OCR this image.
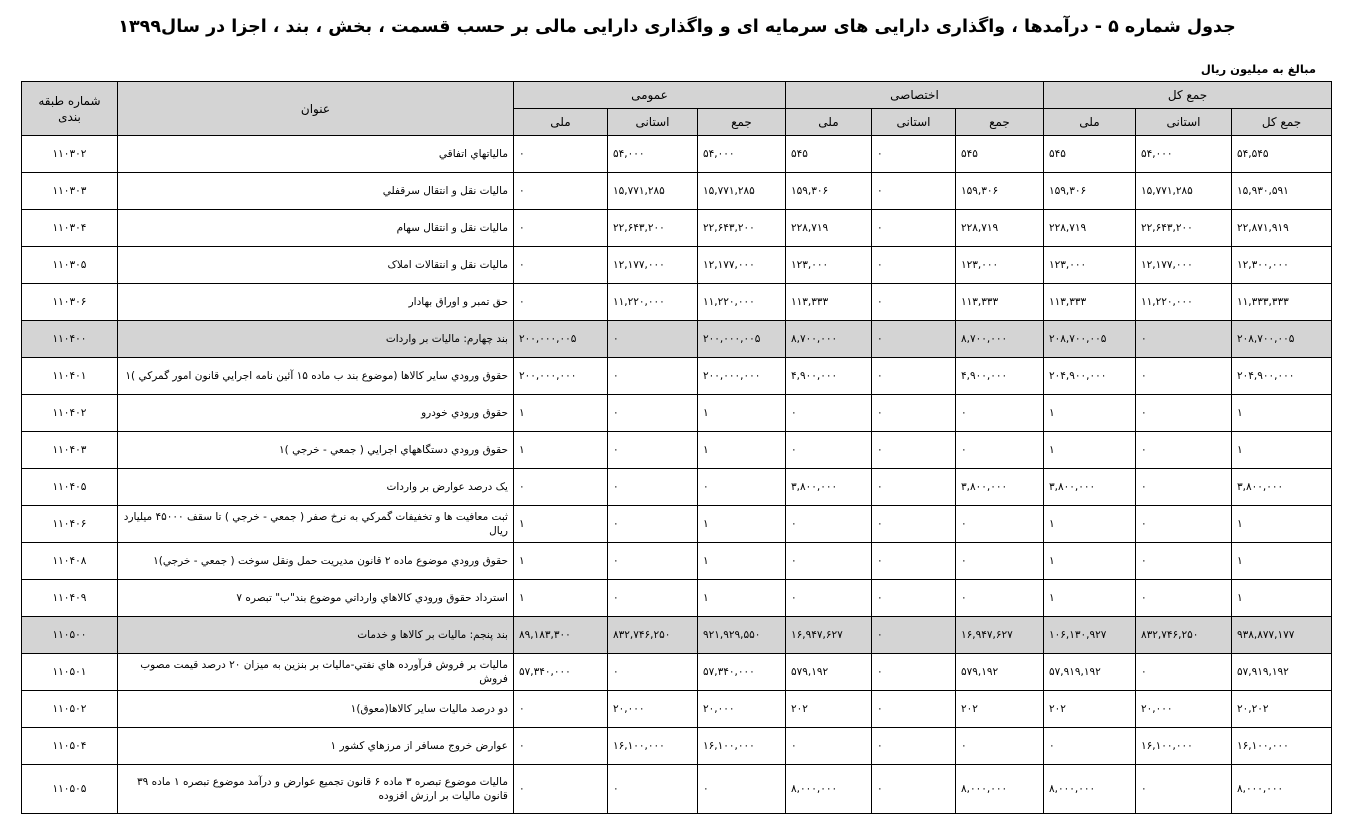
جدول شماره ۵ - درآمدها ، واگذاری دارایی های سرمایه ای و واگذاری دارایی مالی بر حسب قسمت ، بخش ، بند ، اجزا در سال۱۳۹۹
مبالغ به میلیون ریال
جمع کل			اختصاصی			عمومی			عنوان	شماره طبقه بندی
جمع کل	استانی	ملی	جمع	استانی	ملی	جمع	استانی	ملی		
۵۴,۵۴۵	۵۴,۰۰۰	۵۴۵	۵۴۵	۰	۵۴۵	۵۴,۰۰۰	۵۴,۰۰۰	۰	مالياتهاي اتفاقي	۱۱۰۳۰۲
۱۵,۹۳۰,۵۹۱	۱۵,۷۷۱,۲۸۵	۱۵۹,۳۰۶	۱۵۹,۳۰۶	۰	۱۵۹,۳۰۶	۱۵,۷۷۱,۲۸۵	۱۵,۷۷۱,۲۸۵	۰	ماليات نقل و انتقال سرقفلي	۱۱۰۳۰۳
۲۲,۸۷۱,۹۱۹	۲۲,۶۴۳,۲۰۰	۲۲۸,۷۱۹	۲۲۸,۷۱۹	۰	۲۲۸,۷۱۹	۲۲,۶۴۳,۲۰۰	۲۲,۶۴۳,۲۰۰	۰	ماليات نقل و انتقال سهام	۱۱۰۳۰۴
۱۲,۳۰۰,۰۰۰	۱۲,۱۷۷,۰۰۰	۱۲۳,۰۰۰	۱۲۳,۰۰۰	۰	۱۲۳,۰۰۰	۱۲,۱۷۷,۰۰۰	۱۲,۱۷۷,۰۰۰	۰	ماليات نقل و انتقالات املاک	۱۱۰۳۰۵
۱۱,۳۳۳,۳۳۳	۱۱,۲۲۰,۰۰۰	۱۱۳,۳۳۳	۱۱۳,۳۳۳	۰	۱۱۳,۳۳۳	۱۱,۲۲۰,۰۰۰	۱۱,۲۲۰,۰۰۰	۰	حق تمبر و اوراق بهادار	۱۱۰۳۰۶
۲۰۸,۷۰۰,۰۰۵	۰	۲۰۸,۷۰۰,۰۰۵	۸,۷۰۰,۰۰۰	۰	۸,۷۰۰,۰۰۰	۲۰۰,۰۰۰,۰۰۵	۰	۲۰۰,۰۰۰,۰۰۵	بند چهارم: ماليات بر واردات	۱۱۰۴۰۰
۲۰۴,۹۰۰,۰۰۰	۰	۲۰۴,۹۰۰,۰۰۰	۴,۹۰۰,۰۰۰	۰	۴,۹۰۰,۰۰۰	۲۰۰,۰۰۰,۰۰۰	۰	۲۰۰,۰۰۰,۰۰۰	حقوق ورودي ساير کالاها (موضوع بند ب ماده ۱۵ آئين نامه اجرايي قانون امور گمرکي )۱	۱۱۰۴۰۱
۱	۰	۱	۰	۰	۰	۱	۰	۱	حقوق ورودي خودرو	۱۱۰۴۰۲
۱	۰	۱	۰	۰	۰	۱	۰	۱	حقوق ورودي دستگاههاي اجرايي ( جمعي - خرجي )۱	۱۱۰۴۰۳
۳,۸۰۰,۰۰۰	۰	۳,۸۰۰,۰۰۰	۳,۸۰۰,۰۰۰	۰	۳,۸۰۰,۰۰۰	۰	۰	۰	يک درصد عوارض بر واردات	۱۱۰۴۰۵
۱	۰	۱	۰	۰	۰	۱	۰	۱	ثبت معافيت ها و تخفيفات گمرکي به نرخ صفر ( جمعي - خرجي ) تا سقف ۴۵۰۰۰ ميليارد ريال	۱۱۰۴۰۶
۱	۰	۱	۰	۰	۰	۱	۰	۱	حقوق ورودي موضوع ماده ۲ قانون مديريت حمل ونقل سوخت ( جمعي - خرجي)۱	۱۱۰۴۰۸
۱	۰	۱	۰	۰	۰	۱	۰	۱	استرداد حقوق ورودي کالاهاي وارداتي موضوع بند"ب" تبصره ۷	۱۱۰۴۰۹
۹۳۸,۸۷۷,۱۷۷	۸۳۲,۷۴۶,۲۵۰	۱۰۶,۱۳۰,۹۲۷	۱۶,۹۴۷,۶۲۷	۰	۱۶,۹۴۷,۶۲۷	۹۲۱,۹۲۹,۵۵۰	۸۳۲,۷۴۶,۲۵۰	۸۹,۱۸۳,۳۰۰	بند پنجم: ماليات بر کالاها و خدمات	۱۱۰۵۰۰
۵۷,۹۱۹,۱۹۲	۰	۵۷,۹۱۹,۱۹۲	۵۷۹,۱۹۲	۰	۵۷۹,۱۹۲	۵۷,۳۴۰,۰۰۰	۰	۵۷,۳۴۰,۰۰۰	ماليات بر فروش فرآورده هاي نفتي-ماليات بر بنزين به ميزان ۲۰ درصد قيمت مصوب فروش	۱۱۰۵۰۱
۲۰,۲۰۲	۲۰,۰۰۰	۲۰۲	۲۰۲	۰	۲۰۲	۲۰,۰۰۰	۲۰,۰۰۰	۰	دو درصد ماليات ساير کالاها(معوق)۱	۱۱۰۵۰۲
۱۶,۱۰۰,۰۰۰	۱۶,۱۰۰,۰۰۰	۰	۰	۰	۰	۱۶,۱۰۰,۰۰۰	۱۶,۱۰۰,۰۰۰	۰	عوارض خروج مسافر از مرزهاي کشور ۱	۱۱۰۵۰۴
۸,۰۰۰,۰۰۰	۰	۸,۰۰۰,۰۰۰	۸,۰۰۰,۰۰۰	۰	۸,۰۰۰,۰۰۰	۰	۰	۰	ماليات موضوع تبصره ۳ ماده ۶ قانون تجميع عوارض و درآمد موضوع تبصره ۱ ماده ۳۹ قانون ماليات بر ارزش افزوده	۱۱۰۵۰۵
